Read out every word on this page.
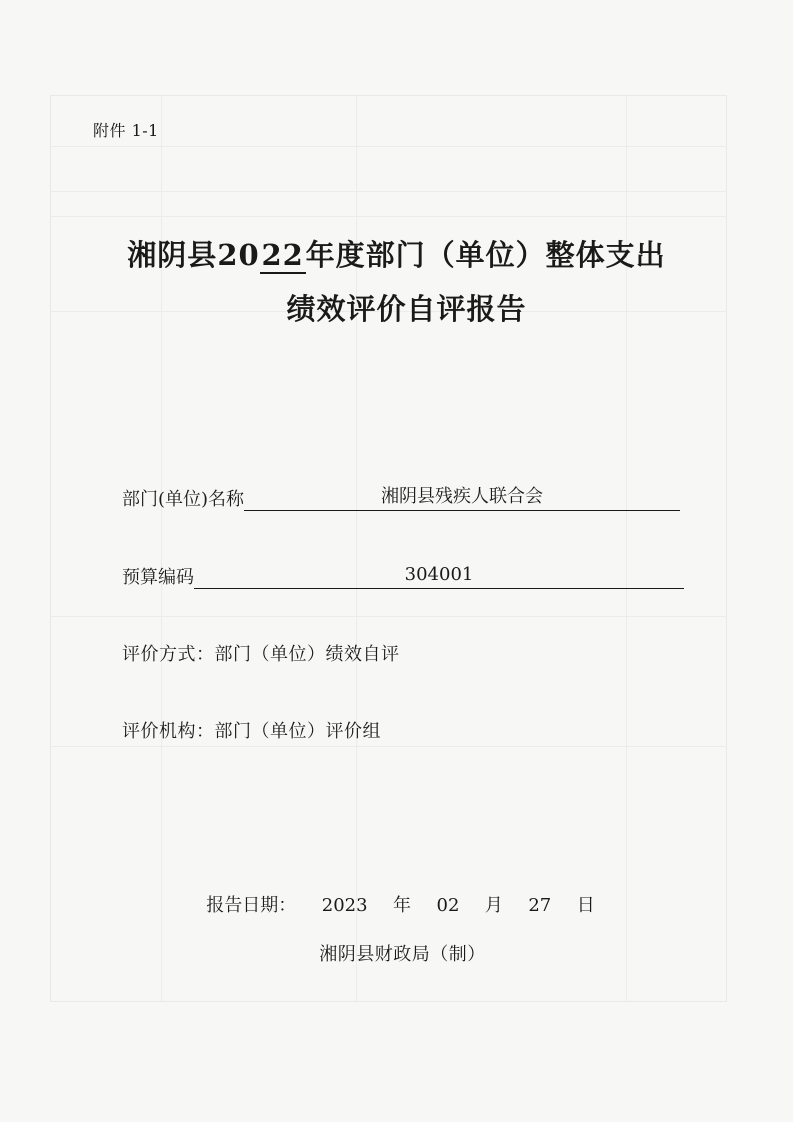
附件 1-1
湘阴县2022年度部门（单位）整体支出
绩效评价自评报告
部门(单位)名称	湘阴县残疾人联合会
预算编码	304001
评价方式：部门（单位）绩效自评
评价机构：部门（单位）评价组
报告日期： 2023 年 02 月 27 日
湘阴县财政局（制）
